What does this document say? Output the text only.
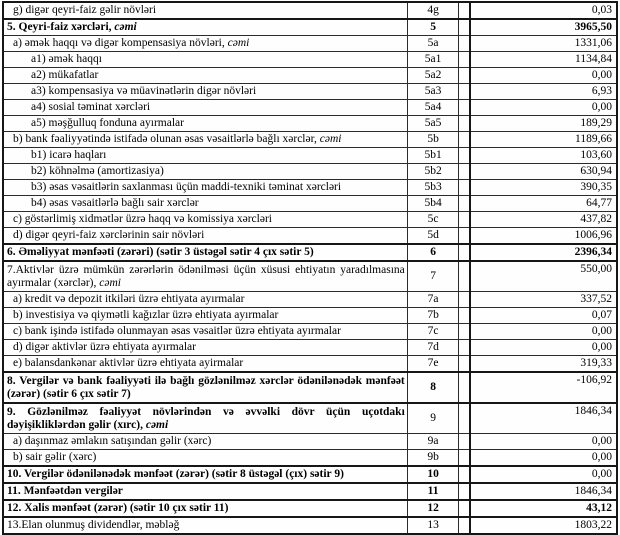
g) digər qeyri-faiz gəlir növləri	4g		0,03
5. Qeyri-faiz xərcləri, cəmi	5		3965,50
a) əmək haqqı və digər kompensasiya növləri, cəmi	5a		1331,06
a1) əmək haqqı	5a1		1134,84
a2) mükafatlar	5a2		0,00
a3) kompensasiya və müavinətlərin digər növləri	5a3		6,93
a4) sosial təminat xərcləri	5a4		0,00
a5) məşğulluq fonduna ayırmalar	5a5		189,29
b) bank fəaliyyətində istifadə olunan əsas vəsaitlərlə bağlı xərclər, cəmi	5b		1189,66
b1) icarə haqları	5b1		103,60
b2) köhnəlmə (amortizasiya)	5b2		630,94
b3) əsas vəsaitlərin saxlanması üçün maddi-texniki təminat xərcləri	5b3		390,35
b4) əsas vəsaitlərlə bağlı sair xərclər	5b4		64,77
c) göstərlimiş xidmətlər üzrə haqq və komissiya xərcləri	5c		437,82
d) digər qeyri-faiz xərclərinin sair növləri	5d		1006,96
6. Əməliyyat mənfəəti (zərəri) (sətir 3 üstəgəl sətir 4 çıx sətir 5)	6		2396,34
7.Aktivlər üzrə mümkün zərərlərin ödənilməsi üçün xüsusi ehtiyatın yaradılmasına ayırmalar (xərclər), cəmi	7		550,00
a) kredit və depozit itkiləri üzrə ehtiyata ayırmalar	7a		337,52
b) investisiya və qiymətli kağızlar üzrə ehtiyata ayırmalar	7b		0,07
c) bank işində istifadə olunmayan əsas vəsaitlər üzrə ehtiyata ayırmalar	7c		0,00
d) digər aktivlər üzrə ehtiyata ayırmalar	7d		0,00
e) balansdankənar aktivlər üzrə ehtiyata ayirmalar	7e		319,33
8. Vergilər və bank fəaliyyəti ilə bağlı gözlənilməz xərclər ödənilənədək mənfəət (zərər) (sətir 6 çıx sətir 7)	8		-106,92
9. Gözlənilməz fəaliyyət növlərindən və əvvəlki dövr üçün uçotdakı dəyişikliklərdən gəlir (xırc), cəmi	9		1846,34
a) daşınmaz əmlakın satışından gəlir (xərc)	9a		0,00
b) sair gəlir (xərc)	9b		0,00
10. Vergilər ödənilənədək mənfəət (zərər) (sətir 8 üstəgəl (çıx) sətir 9)	10		0,00
11. Mənfəətdən vergilər	11		1846,34
12. Xalis mənfəət (zərər) (sətir 10 çıx sətir 11)	12		43,12
13.Elan olunmuş dividendlər, məbləğ	13		1803,22
